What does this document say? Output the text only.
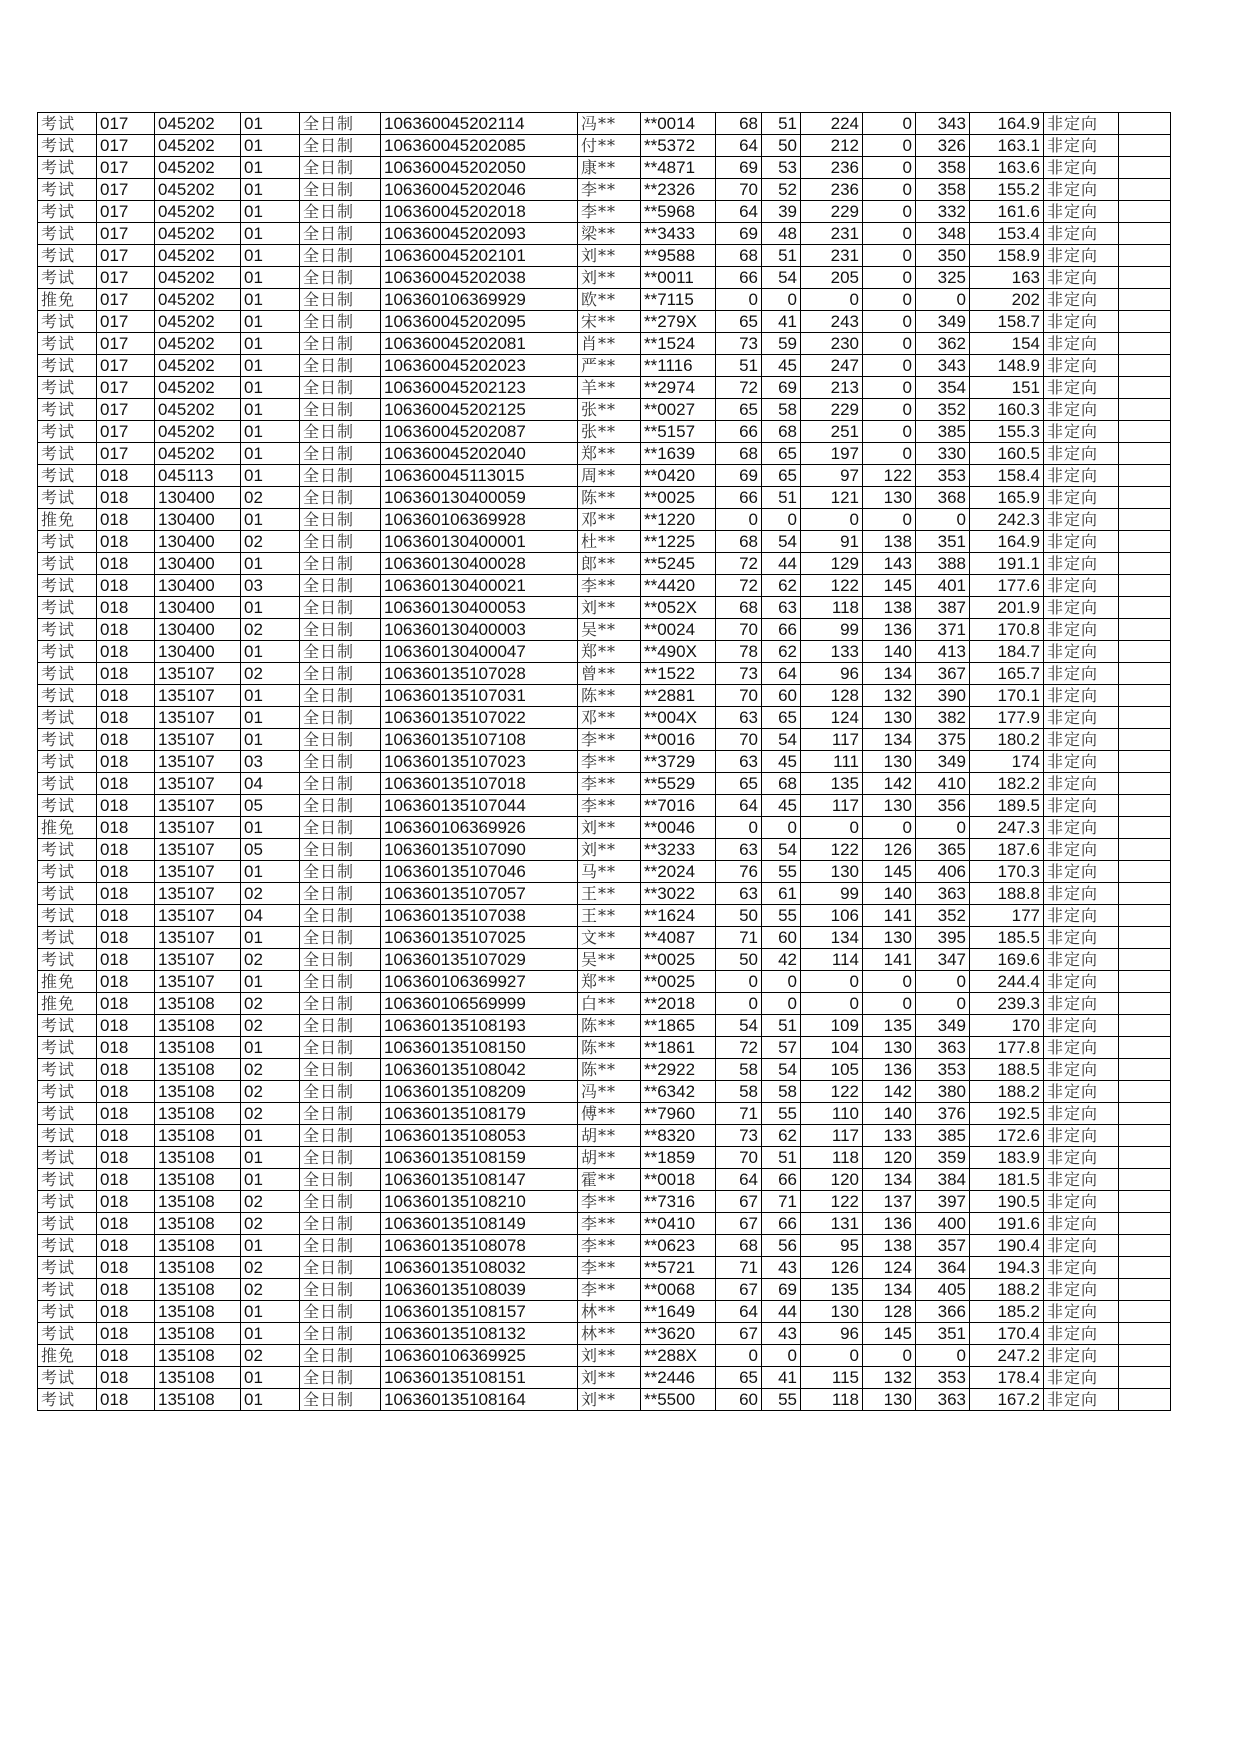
考试	017	045202	01	全日制	106360045202114	冯**	**0014	68	51	224	0	343	164.9	非定向	
考试	017	045202	01	全日制	106360045202085	付**	**5372	64	50	212	0	326	163.1	非定向	
考试	017	045202	01	全日制	106360045202050	康**	**4871	69	53	236	0	358	163.6	非定向	
考试	017	045202	01	全日制	106360045202046	李**	**2326	70	52	236	0	358	155.2	非定向	
考试	017	045202	01	全日制	106360045202018	李**	**5968	64	39	229	0	332	161.6	非定向	
考试	017	045202	01	全日制	106360045202093	梁**	**3433	69	48	231	0	348	153.4	非定向	
考试	017	045202	01	全日制	106360045202101	刘**	**9588	68	51	231	0	350	158.9	非定向	
考试	017	045202	01	全日制	106360045202038	刘**	**0011	66	54	205	0	325	163	非定向	
推免	017	045202	01	全日制	106360106369929	欧**	**7115	0	0	0	0	0	202	非定向	
考试	017	045202	01	全日制	106360045202095	宋**	**279X	65	41	243	0	349	158.7	非定向	
考试	017	045202	01	全日制	106360045202081	肖**	**1524	73	59	230	0	362	154	非定向	
考试	017	045202	01	全日制	106360045202023	严**	**1116	51	45	247	0	343	148.9	非定向	
考试	017	045202	01	全日制	106360045202123	羊**	**2974	72	69	213	0	354	151	非定向	
考试	017	045202	01	全日制	106360045202125	张**	**0027	65	58	229	0	352	160.3	非定向	
考试	017	045202	01	全日制	106360045202087	张**	**5157	66	68	251	0	385	155.3	非定向	
考试	017	045202	01	全日制	106360045202040	郑**	**1639	68	65	197	0	330	160.5	非定向	
考试	018	045113	01	全日制	106360045113015	周**	**0420	69	65	97	122	353	158.4	非定向	
考试	018	130400	02	全日制	106360130400059	陈**	**0025	66	51	121	130	368	165.9	非定向	
推免	018	130400	01	全日制	106360106369928	邓**	**1220	0	0	0	0	0	242.3	非定向	
考试	018	130400	02	全日制	106360130400001	杜**	**1225	68	54	91	138	351	164.9	非定向	
考试	018	130400	01	全日制	106360130400028	郎**	**5245	72	44	129	143	388	191.1	非定向	
考试	018	130400	03	全日制	106360130400021	李**	**4420	72	62	122	145	401	177.6	非定向	
考试	018	130400	01	全日制	106360130400053	刘**	**052X	68	63	118	138	387	201.9	非定向	
考试	018	130400	02	全日制	106360130400003	吴**	**0024	70	66	99	136	371	170.8	非定向	
考试	018	130400	01	全日制	106360130400047	郑**	**490X	78	62	133	140	413	184.7	非定向	
考试	018	135107	02	全日制	106360135107028	曾**	**1522	73	64	96	134	367	165.7	非定向	
考试	018	135107	01	全日制	106360135107031	陈**	**2881	70	60	128	132	390	170.1	非定向	
考试	018	135107	01	全日制	106360135107022	邓**	**004X	63	65	124	130	382	177.9	非定向	
考试	018	135107	01	全日制	106360135107108	李**	**0016	70	54	117	134	375	180.2	非定向	
考试	018	135107	03	全日制	106360135107023	李**	**3729	63	45	111	130	349	174	非定向	
考试	018	135107	04	全日制	106360135107018	李**	**5529	65	68	135	142	410	182.2	非定向	
考试	018	135107	05	全日制	106360135107044	李**	**7016	64	45	117	130	356	189.5	非定向	
推免	018	135107	01	全日制	106360106369926	刘**	**0046	0	0	0	0	0	247.3	非定向	
考试	018	135107	05	全日制	106360135107090	刘**	**3233	63	54	122	126	365	187.6	非定向	
考试	018	135107	01	全日制	106360135107046	马**	**2024	76	55	130	145	406	170.3	非定向	
考试	018	135107	02	全日制	106360135107057	王**	**3022	63	61	99	140	363	188.8	非定向	
考试	018	135107	04	全日制	106360135107038	王**	**1624	50	55	106	141	352	177	非定向	
考试	018	135107	01	全日制	106360135107025	文**	**4087	71	60	134	130	395	185.5	非定向	
考试	018	135107	02	全日制	106360135107029	吴**	**0025	50	42	114	141	347	169.6	非定向	
推免	018	135107	01	全日制	106360106369927	郑**	**0025	0	0	0	0	0	244.4	非定向	
推免	018	135108	02	全日制	106360106569999	白**	**2018	0	0	0	0	0	239.3	非定向	
考试	018	135108	02	全日制	106360135108193	陈**	**1865	54	51	109	135	349	170	非定向	
考试	018	135108	01	全日制	106360135108150	陈**	**1861	72	57	104	130	363	177.8	非定向	
考试	018	135108	02	全日制	106360135108042	陈**	**2922	58	54	105	136	353	188.5	非定向	
考试	018	135108	02	全日制	106360135108209	冯**	**6342	58	58	122	142	380	188.2	非定向	
考试	018	135108	02	全日制	106360135108179	傅**	**7960	71	55	110	140	376	192.5	非定向	
考试	018	135108	01	全日制	106360135108053	胡**	**8320	73	62	117	133	385	172.6	非定向	
考试	018	135108	01	全日制	106360135108159	胡**	**1859	70	51	118	120	359	183.9	非定向	
考试	018	135108	01	全日制	106360135108147	霍**	**0018	64	66	120	134	384	181.5	非定向	
考试	018	135108	02	全日制	106360135108210	李**	**7316	67	71	122	137	397	190.5	非定向	
考试	018	135108	02	全日制	106360135108149	李**	**0410	67	66	131	136	400	191.6	非定向	
考试	018	135108	01	全日制	106360135108078	李**	**0623	68	56	95	138	357	190.4	非定向	
考试	018	135108	02	全日制	106360135108032	李**	**5721	71	43	126	124	364	194.3	非定向	
考试	018	135108	02	全日制	106360135108039	李**	**0068	67	69	135	134	405	188.2	非定向	
考试	018	135108	01	全日制	106360135108157	林**	**1649	64	44	130	128	366	185.2	非定向	
考试	018	135108	01	全日制	106360135108132	林**	**3620	67	43	96	145	351	170.4	非定向	
推免	018	135108	02	全日制	106360106369925	刘**	**288X	0	0	0	0	0	247.2	非定向	
考试	018	135108	01	全日制	106360135108151	刘**	**2446	65	41	115	132	353	178.4	非定向	
考试	018	135108	01	全日制	106360135108164	刘**	**5500	60	55	118	130	363	167.2	非定向	
